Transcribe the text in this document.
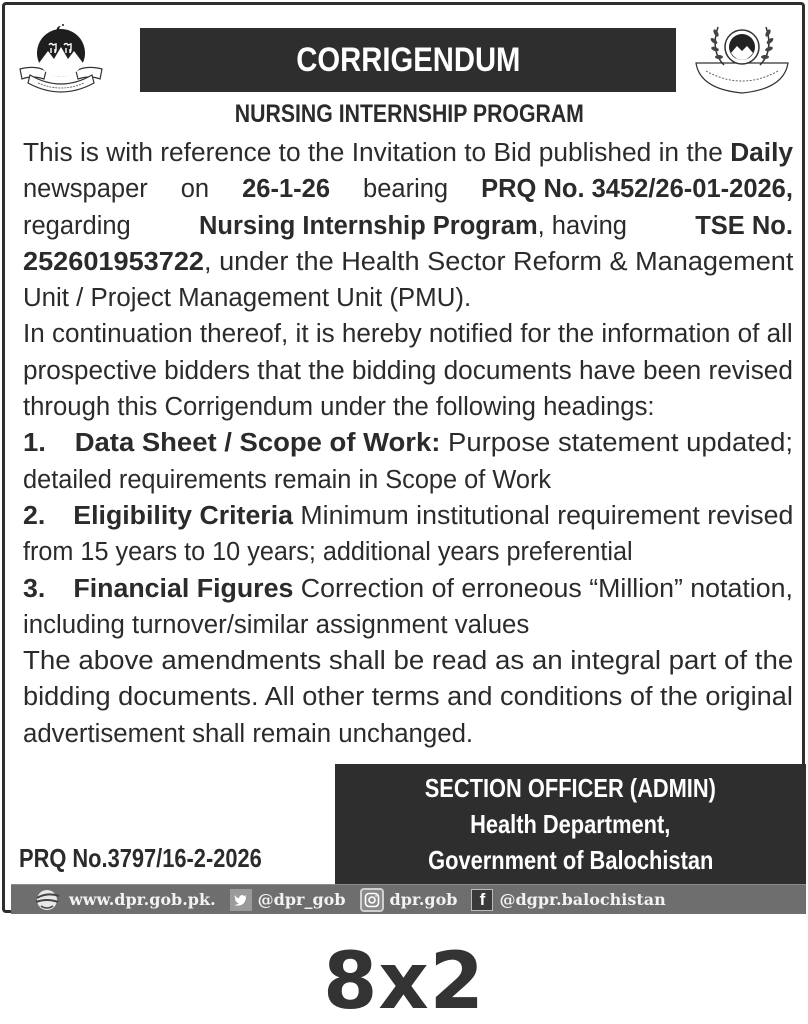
CORRIGENDUM
NURSING INTERNSHIP PROGRAM
This is with reference to the Invitation to Bid published in the Daily
newspaper on 26-1-26 bearing PRQ No. 3452/26-01-2026,
regarding	Nursing Internship Program, having	TSE No.
252601953722, under the Health Sector Reform & Management
Unit / Project Management Unit (PMU).
In continuation thereof, it is hereby notified for the information of all
prospective bidders that the bidding documents have been revised
through this Corrigendum under the following headings:
1. Data Sheet / Scope of Work: Purpose statement updated;
detailed requirements remain in Scope of Work
2. Eligibility Criteria Minimum institutional requirement revised
from 15 years to 10 years; additional years preferential
3. Financial Figures Correction of erroneous “Million” notation,
including turnover/similar assignment values
The above amendments shall be read as an integral part of the
bidding documents. All other terms and conditions of the original
advertisement shall remain unchanged.
PRQ No.3797/16-2-2026
SECTION OFFICER (ADMIN)
Health Department,
Government of Balochistan
www.dpr.gob.pk.	@dpr_gob	dpr.gob f @dgpr.balochistan
8x2
